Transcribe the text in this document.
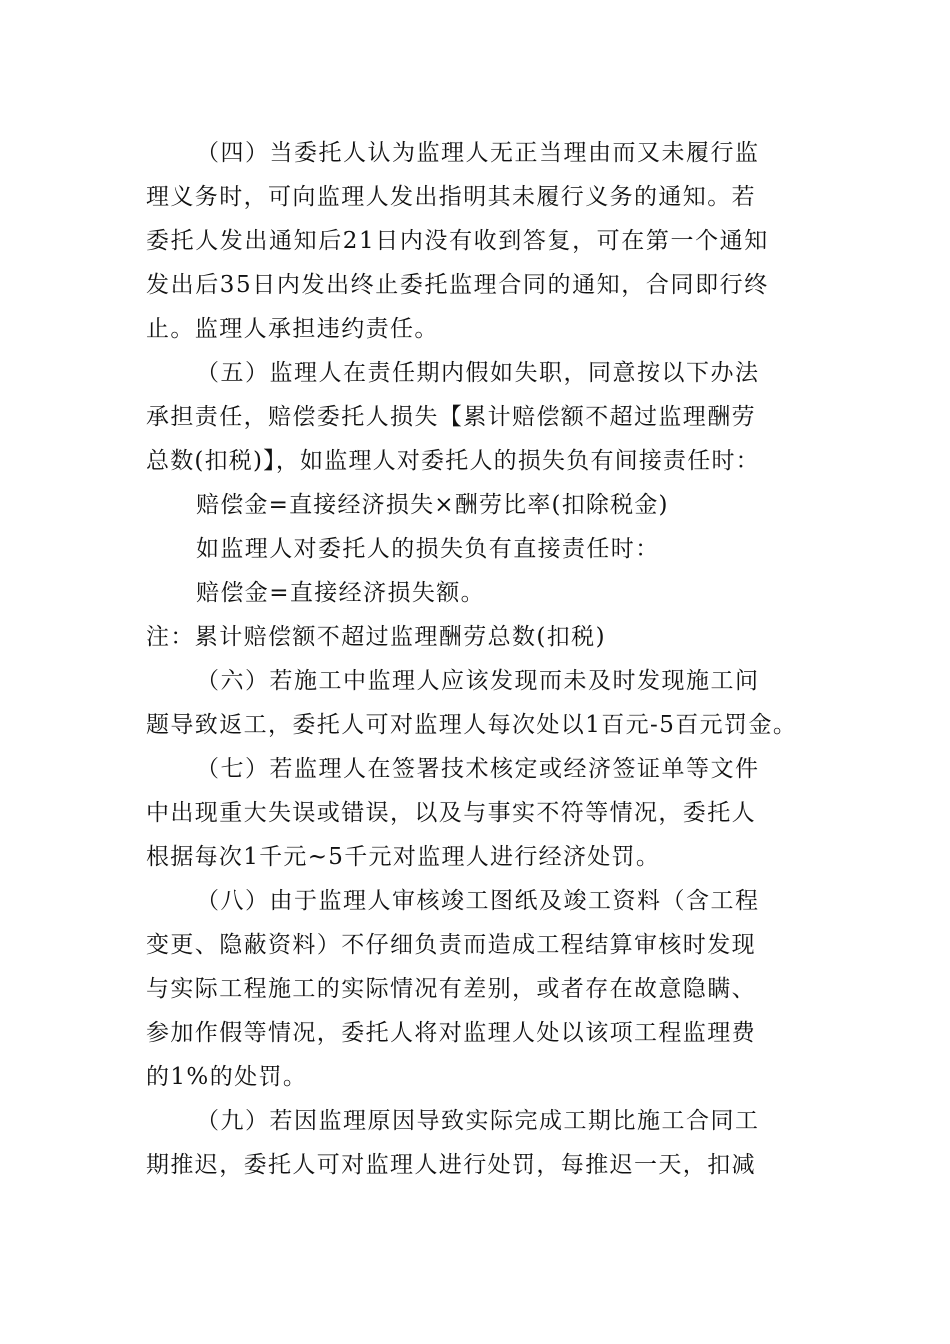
（四）当委托人认为监理人无正当理由而又未履行监
理义务时，可向监理人发出指明其未履行义务的通知。若
委托人发出通知后21日内没有收到答复，可在第一个通知
发出后35日内发出终止委托监理合同的通知，合同即行终
止。监理人承担违约责任。
（五）监理人在责任期内假如失职，同意按以下办法
承担责任，赔偿委托人损失【累计赔偿额不超过监理酬劳
总数(扣税)】，如监理人对委托人的损失负有间接责任时：
赔偿金=直接经济损失×酬劳比率(扣除税金)
如监理人对委托人的损失负有直接责任时：
赔偿金=直接经济损失额。
注：累计赔偿额不超过监理酬劳总数(扣税)
（六）若施工中监理人应该发现而未及时发现施工问
题导致返工，委托人可对监理人每次处以1百元-5百元罚金。
（七）若监理人在签署技术核定或经济签证单等文件
中出现重大失误或错误，以及与事实不符等情况，委托人
根据每次1千元~5千元对监理人进行经济处罚。
（八）由于监理人审核竣工图纸及竣工资料（含工程
变更、隐蔽资料）不仔细负责而造成工程结算审核时发现
与实际工程施工的实际情况有差别，或者存在故意隐瞒、
参加作假等情况，委托人将对监理人处以该项工程监理费
的1%的处罚。
（九）若因监理原因导致实际完成工期比施工合同工
期推迟，委托人可对监理人进行处罚，每推迟一天，扣减
